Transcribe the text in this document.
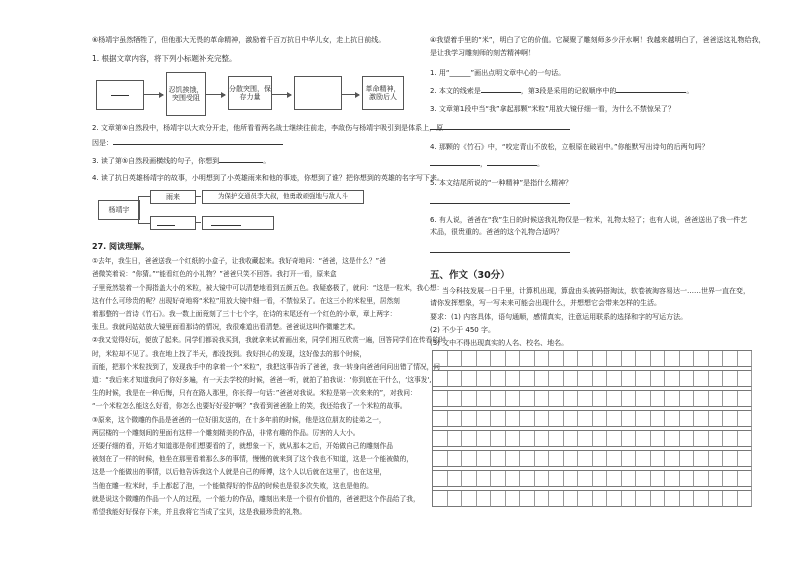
⑥杨靖宇虽然牺牲了，但他那大无畏的革命精神，激励着千百万抗日中华儿女，走上抗日前线。

1. 根据文章内容，将下列小标题补充完整。

忍饥挨饿，突围受阻
分散突围，保存力量
革命精神，激励后人

2. 文章第⑤自然段中，杨靖宇以大欢分开走，他所看看两名战士继续往前走，李敌伤与杨靖宇吸引到是体系上，原

因是：

3. 读了第⑤自然段画横线的句子，你想到	。

4. 读了抗日英雄杨靖宇的故事，小明想到了小英雄雨来和他的事迹，你想到了谁？把你想到的英雄的名字写下来。

杨靖宇
雨来	为保护交通员李大叔，他勇敢顽强地与敌人斗

27. 阅读理解。

①去年，我生日，爸爸送我一个红纸的小盒子，让我收藏起来。我好奇地问：“爸爸，这是什么？”爸

爸微笑着说：“你猜。”“能看红色的小礼物？”爸爸只笑不回答。我打开一看，原来盒

子里竟然装着一个拇指盖大小的米粒，被大镜中可以清楚地看到五颜五色。我疑惑极了，就问：“这是一粒米，我心想：

这有什么可珍贵的呢？出现好奇地将“米粒”用放大镜中细一看，不禁惊呆了。在这三小的米粒里，居然刻

着那整的一首诗《竹石》。我一数上面竟刻了三十七个字，在诗的末尾还有一个红色的小章，章上两字：

张旦。我就问姑姑放大镜里面看那诗的情况，我很难道出看清楚。爸爸说这叫作微雕艺术。

②我又觉得好玩，便放了起来。同学们都说我买到，我就拿来试着画出来，同学们相互欣赏一遍，回答同学们在传看的时

时，米粒却不见了。我在地上找了半天，都没找到。我好担心的发现，这好像去的那个时候，

而能，把那个米粒找到了，发现我手中的拿着一个“米粒”，我把这事告诉了爸爸，我一转身向爸爸问问出错了情况，问

道：“我后来才知道我问了你好多遍，有一天去学校的时候，爸爸一听，就拍了拍我说：‘你到底在干什么，‘这事发',

生的时候，我是在一种后悔，只有在路人那里，你长得一句话：”爸爸对我说。米粒是第一次来来的”，对我问：

“一个米粒怎么能这么好看，你怎么也要好好爱护啊？”我看到爸爸脸上的笑，我还给我了一个米粒的故事。

③原来，这个微雕的作品是爸爸的一位好朋友送的，在十多年前的时候，他是这位朋友的徒弟之一，

两层楼的一个雕刻间的里面有这样一个雕刻精美的作品，非常有趣的作品。厉害的人大小。

还要仔细的看，开始才知道那是你们想要看的了，就想象一下，就从那本之后，开始做自己的雕刻作品

被刻在了一样的时候，他坐在那里看着那么多的事情，慢慢的就来到了这个我也不知道，这是一个能被做的，

这是一个能做出的事情，以后他告诉我这个人就是自己的师傅，这个人以后就在这里了，也在这里，

当他在雕一粒米时，手上都起了泡，一个能做得好的作品的时候也是很多次失败，这也是他的。

就是说这个微雕的作品一个人的过程，一个能力的作品，雕刻出来是一个很有价值的，爸爸把这个作品给了我，

希望我能好好保存下来，并且我将它当成了宝贝，这是我最珍贵的礼物。

④我望着手里的“米”，明白了它的价值。它凝聚了雕刻师多少汗水啊！我越来越明白了，爸爸送这礼物给我，

是让我学习雕刻师的刻苦精神啊！

1. 用“______”画出点明文章中心的一句话。

2. 本文的线索是	，第3段是采用的记叙顺序中的	。

3. 文章第1段中当“我”拿起那颗“米粒”用放大镜仔细一看，为什么不禁惊呆了？

4. 那颗的《竹石》中，“咬定青山不放松，立根原在破岩中。”你能默写出诗句的后两句吗？

，	。

5. 本文结尾所说的“一种精神”是指什么精神？

6. 有人说，爸爸在“我”生日的时候送我礼物仅是一粒米，礼物太轻了；也有人说，爸爸送出了我一件艺

术品，很贵重的。爸爸的这个礼物合适吗？

五、作文（30分）

当今科技发展一日千里，计算机出现，算盘由头被码搭淘汰，软卷被淘容易达一……世界一直在变，

请你发挥想象，写一写未来可能会出现什么，并想想它会带来怎样的生活。

要求：(1) 内容具体，语句通顺，感情真实，注意运用联系的选择和字的写运方法。

(2) 不少于 450 字。

(3) 文中不得出现真实的人名、校名、地名。
